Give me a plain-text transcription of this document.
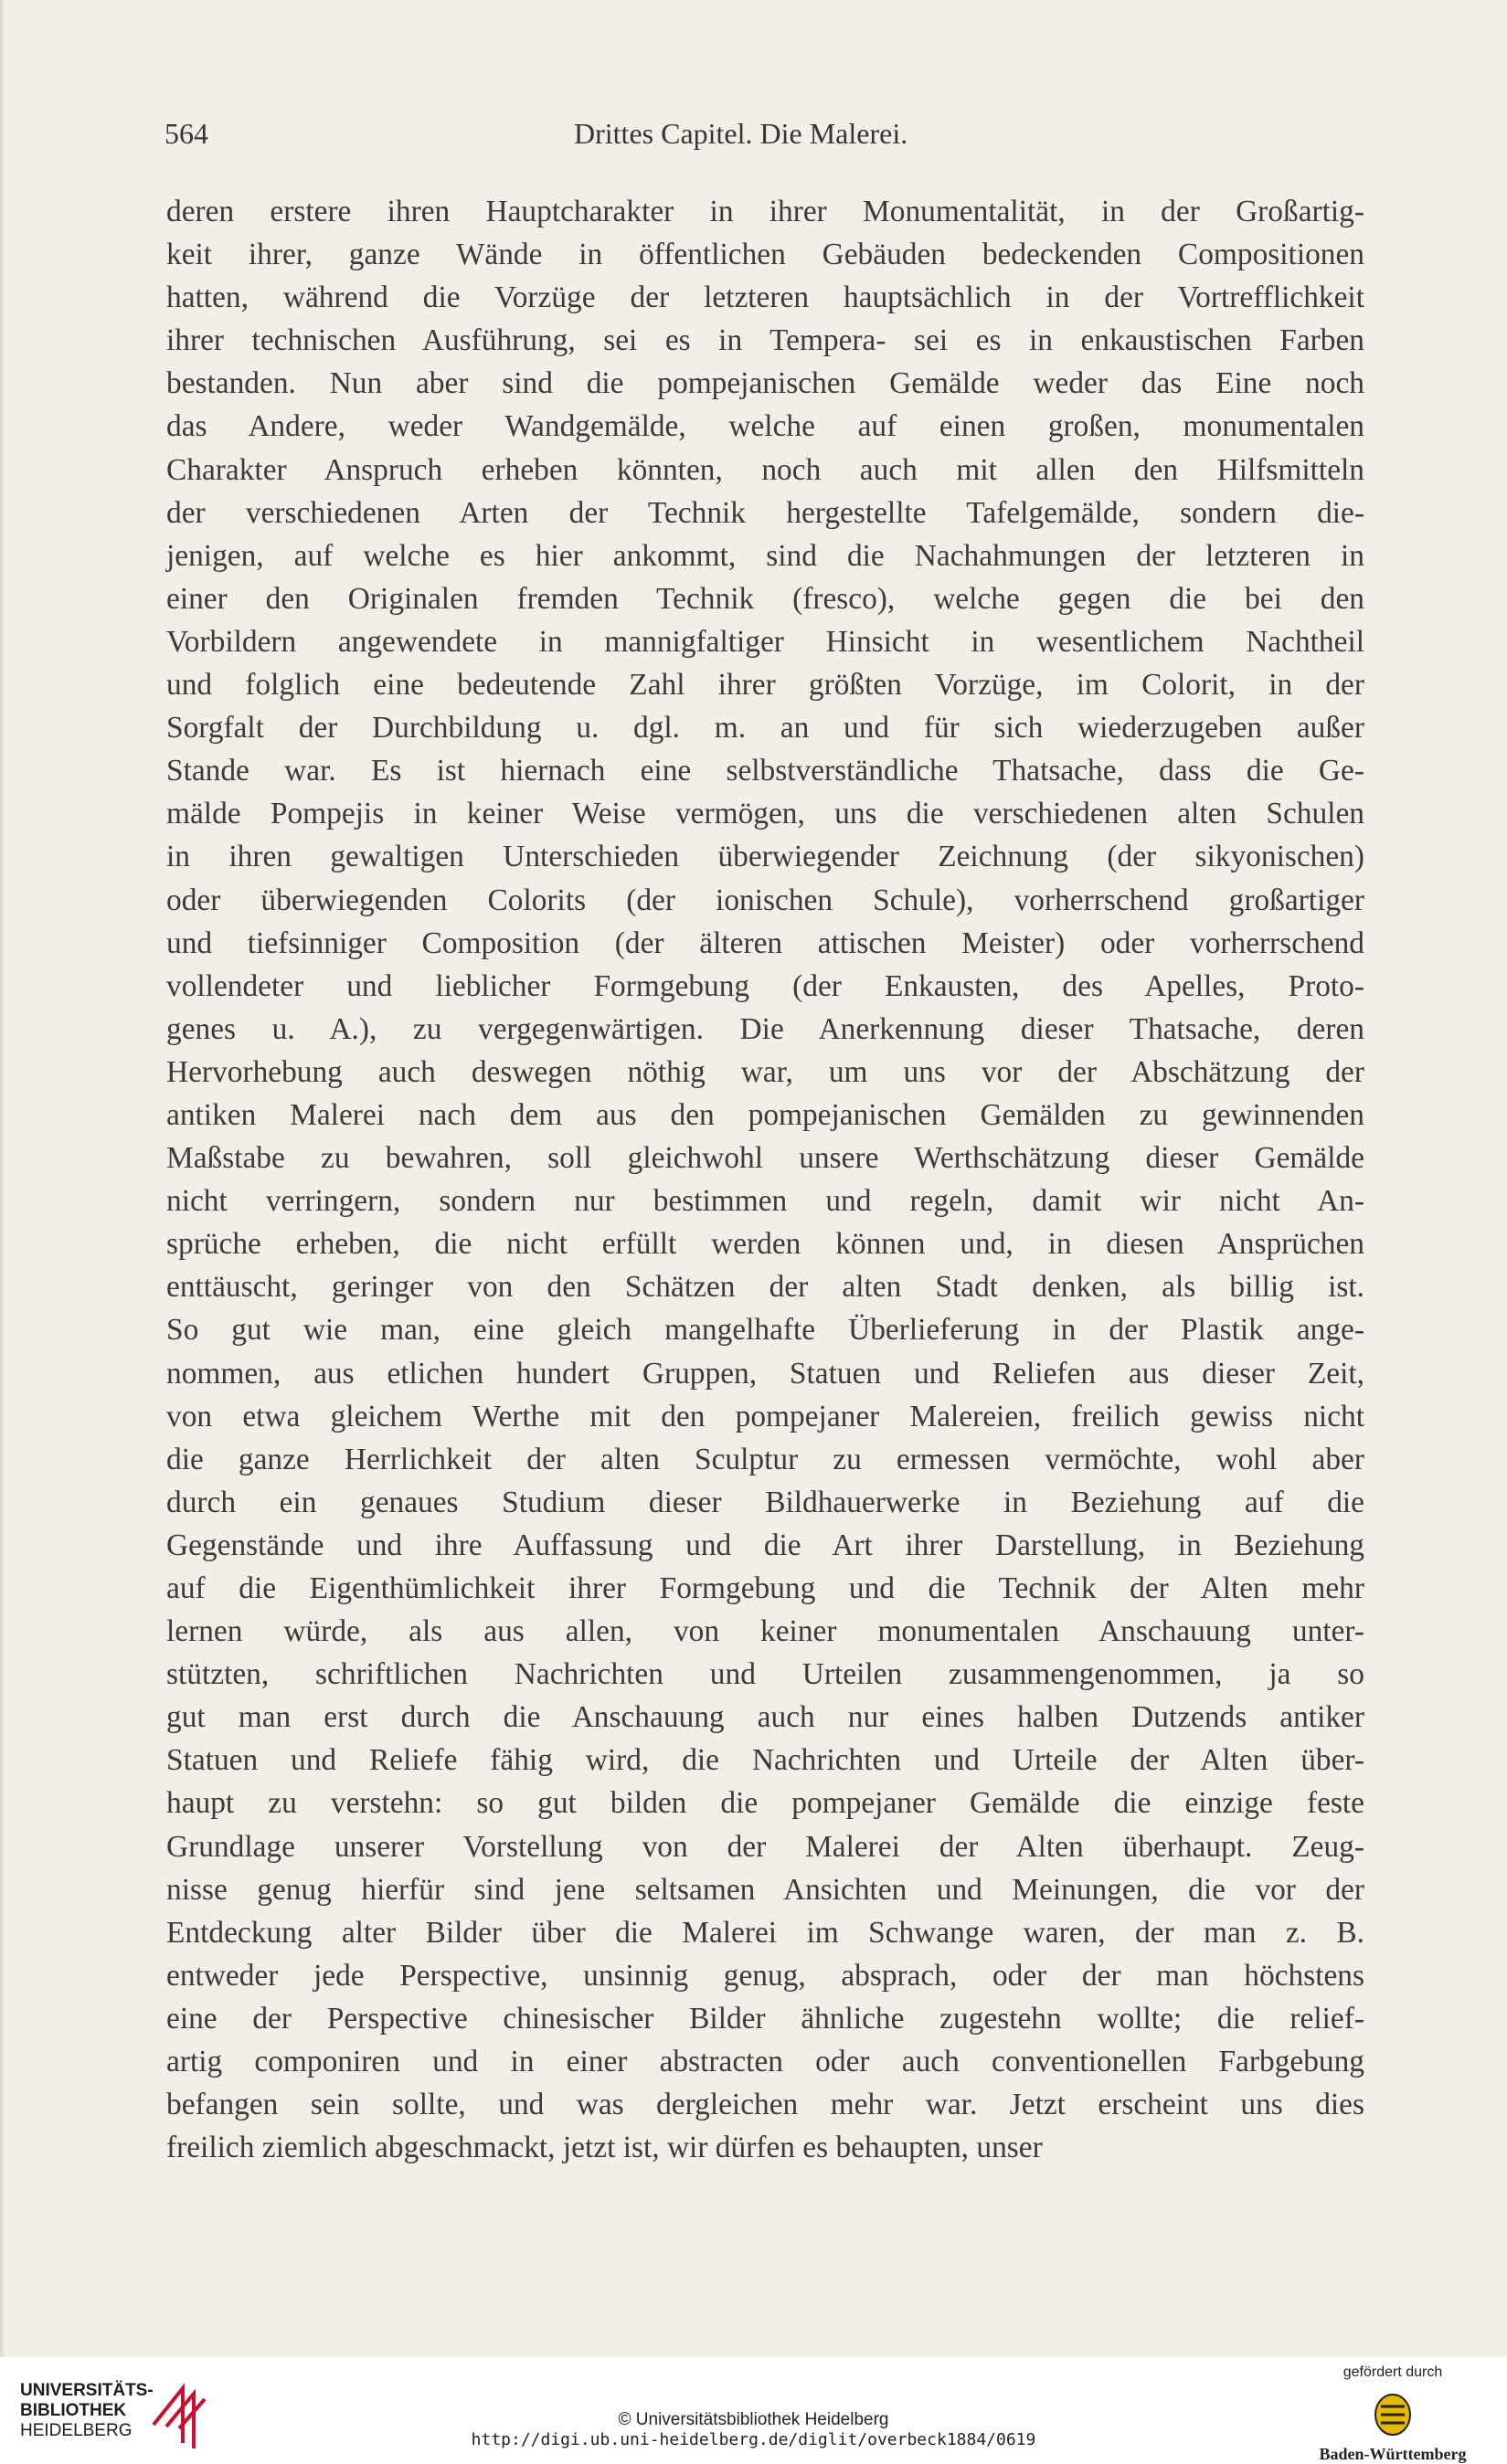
564	Drittes Capitel. Die Malerei.
deren erstere ihren Hauptcharakter in ihrer Monumentalität, in der Großartig-
keit ihrer, ganze Wände in öffentlichen Gebäuden bedeckenden Compositionen
hatten, während die Vorzüge der letzteren hauptsächlich in der Vortrefflichkeit
ihrer technischen Ausführung, sei es in Tempera- sei es in enkaustischen Farben
bestanden. Nun aber sind die pompejanischen Gemälde weder das Eine noch
das Andere, weder Wandgemälde, welche auf einen großen, monumentalen
Charakter Anspruch erheben könnten, noch auch mit allen den Hilfsmitteln
der verschiedenen Arten der Technik hergestellte Tafelgemälde, sondern die-
jenigen, auf welche es hier ankommt, sind die Nachahmungen der letzteren in
einer den Originalen fremden Technik (fresco), welche gegen die bei den
Vorbildern angewendete in mannigfaltiger Hinsicht in wesentlichem Nachtheil
und folglich eine bedeutende Zahl ihrer größten Vorzüge, im Colorit, in der
Sorgfalt der Durchbildung u. dgl. m. an und für sich wiederzugeben außer
Stande war. Es ist hiernach eine selbstverständliche Thatsache, dass die Ge-
mälde Pompejis in keiner Weise vermögen, uns die verschiedenen alten Schulen
in ihren gewaltigen Unterschieden überwiegender Zeichnung (der sikyonischen)
oder überwiegenden Colorits (der ionischen Schule), vorherrschend großartiger
und tiefsinniger Composition (der älteren attischen Meister) oder vorherrschend
vollendeter und lieblicher Formgebung (der Enkausten, des Apelles, Proto-
genes u. A.), zu vergegenwärtigen. Die Anerkennung dieser Thatsache, deren
Hervorhebung auch deswegen nöthig war, um uns vor der Abschätzung der
antiken Malerei nach dem aus den pompejanischen Gemälden zu gewinnenden
Maßstabe zu bewahren, soll gleichwohl unsere Werthschätzung dieser Gemälde
nicht verringern, sondern nur bestimmen und regeln, damit wir nicht An-
sprüche erheben, die nicht erfüllt werden können und, in diesen Ansprüchen
enttäuscht, geringer von den Schätzen der alten Stadt denken, als billig ist.
So gut wie man, eine gleich mangelhafte Überlieferung in der Plastik ange-
nommen, aus etlichen hundert Gruppen, Statuen und Reliefen aus dieser Zeit,
von etwa gleichem Werthe mit den pompejaner Malereien, freilich gewiss nicht
die ganze Herrlichkeit der alten Sculptur zu ermessen vermöchte, wohl aber
durch ein genaues Studium dieser Bildhauerwerke in Beziehung auf die
Gegenstände und ihre Auffassung und die Art ihrer Darstellung, in Beziehung
auf die Eigenthümlichkeit ihrer Formgebung und die Technik der Alten mehr
lernen würde, als aus allen, von keiner monumentalen Anschauung unter-
stützten, schriftlichen Nachrichten und Urteilen zusammengenommen, ja so
gut man erst durch die Anschauung auch nur eines halben Dutzends antiker
Statuen und Reliefe fähig wird, die Nachrichten und Urteile der Alten über-
haupt zu verstehn: so gut bilden die pompejaner Gemälde die einzige feste
Grundlage unserer Vorstellung von der Malerei der Alten überhaupt. Zeug-
nisse genug hierfür sind jene seltsamen Ansichten und Meinungen, die vor der
Entdeckung alter Bilder über die Malerei im Schwange waren, der man z. B.
entweder jede Perspective, unsinnig genug, absprach, oder der man höchstens
eine der Perspective chinesischer Bilder ähnliche zugestehn wollte; die relief-
artig componiren und in einer abstracten oder auch conventionellen Farbgebung
befangen sein sollte, und was dergleichen mehr war. Jetzt erscheint uns dies
freilich ziemlich abgeschmackt, jetzt ist, wir dürfen es behaupten, unser
UNIVERSITÄTS-
BIBLIOTHEK
HEIDELBERG
© Universitätsbibliothek Heidelberg
http://digi.ub.uni-heidelberg.de/diglit/overbeck1884/0619
gefördert durch
Baden-Württemberg
